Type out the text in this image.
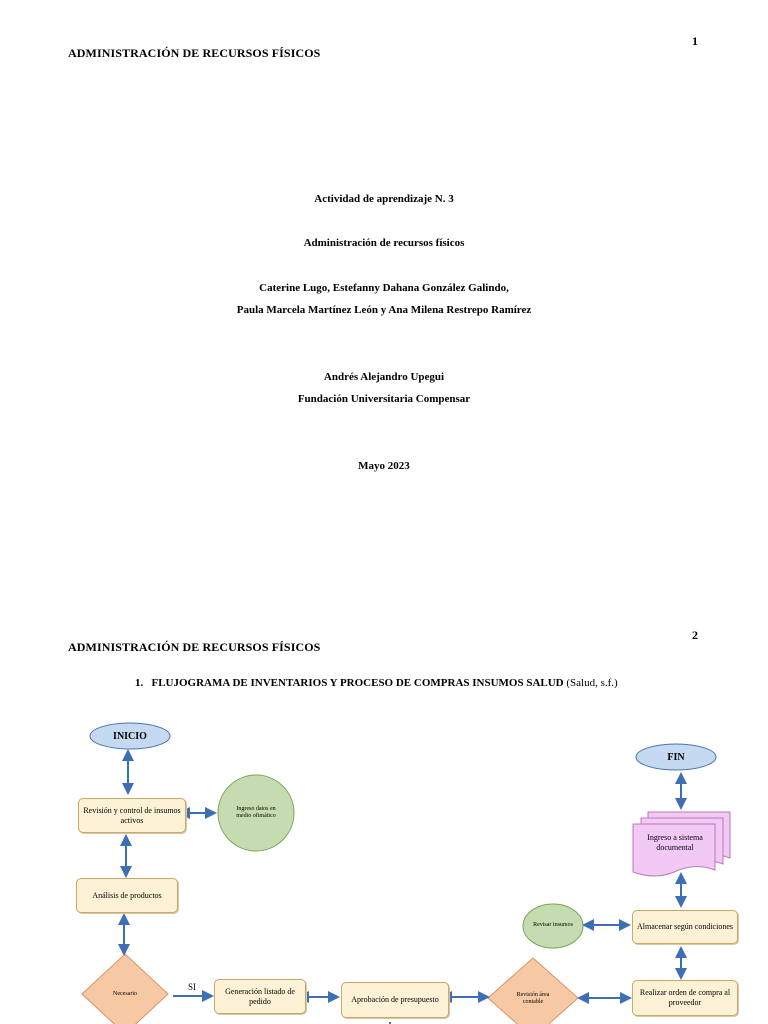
ADMINISTRACIÓN DE RECURSOS FÍSICOS
1
Actividad de aprendizaje N. 3
Administración de recursos físicos
Caterine Lugo, Estefanny Dahana González Galindo,
Paula Marcela Martínez León y Ana Milena Restrepo Ramírez
Andrés Alejandro Upegui
Fundación Universitaria Compensar
Mayo 2023
ADMINISTRACIÓN DE RECURSOS FÍSICOS
2
1. FLUJOGRAMA DE INVENTARIOS Y PROCESO DE COMPRAS INSUMOS SALUD (Salud, s.f.)
INICIO
FIN
Revisión y control de insumos activos
Ingreso datos en medio ofimático
Análisis de productos
Necesario
SI	Generación listado de pedido	Aprobación de presupuesto	Revisión área contable
Realizar orden de compra al proveedor
Almacenar según condiciones
Revisar insumos
Ingreso a sistema documental
